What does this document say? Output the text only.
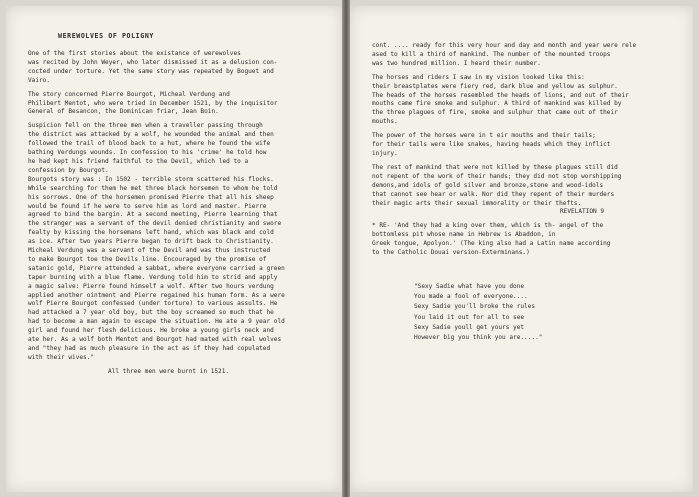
WEREWOLVES OF POLIGNY
One of the first stories about the existance of werewolves
was recited by John Weyer, who later dismissed it as a delusion con-
cocted under torture. Yet the same story was repeated by Boguet and
Vairo.
The story concerned Pierre Bourgot, Micheal Verdung and
Philibert Mentot, who were tried in December 1521, by the inquisitor
General of Besancon, the Dominican friar, Jean Boin.
Suspicion fell on the three men when a traveller passing through
the district was attacked by a wolf, he wounded the animal and then
followed the trail of blood back to a hut, where he found the wife
bathing Verdungs wounds. In confession to his 'crime' he told how
he had kept his friend faithful to the Devil, which led to a
confession by Bourgot.
Bourgots story was : In 1502 - terrible storm scattered his flocks.
While searching for them he met three black horsemen to whom he told
his sorrows. One of the horsemen promised Pierre that all his sheep
would be found if he were to serve him as lord and master. Pierre
agreed to bind the bargin. At a second meeting, Pierre learning that
the stranger was a servant of the devil denied christianity and swore
fealty by kissing the horsemans left hand, which was black and cold
as ice. After two years Pierre began to drift back to Christianity.
Micheal Verdung was a servant of the Devil and was thus instructed
to make Bourgot toe the Devils line. Encouraged by the promise of
satanic gold, Pierre attended a sabbat, where everyone carried a green
taper burning with a blue flame. Verdung told him to strid and apply
a magic salve: Pierre found himself a wolf. After two hours verdung
applied another ointment and Pierre regained his human form. As a were
wolf Pierre Bourgot confessed (under torture) to various assults. He
had attacked a 7 year old boy, but the boy screamed so much that he
had to become a man again to escape the situation. He ate a 9 year old
girl and found her flesh delicious. He broke a young girls neck and
ate her. As a wolf both Mentot and Bourgot had mated with real wolves
and "they had as much pleasure in the act as if they had copulated
with their wives."
All three men were burnt in 1521.
cont. .... ready for this very hour and day and month and year were rele
ased to kill a third of mankind. The number of the mounted troops
was two hundred million. I heard their number.
The horses and riders I saw in my vision looked like this:
their breastplates were fiery red, dark blue and yellow as sulphur.
The heads of the horses resembled the heads of lions, and out of their
mouths came fire smoke and sulphur. A third of mankind was killed by
the three plagues of fire, smoke and sulphur that came out of their
mouths.
The power of the horses were in t eir mouths and their tails;
for their tails were like snakes, having heads which they inflict
injury.
The rest of mankind that were not killed by these plagues still did
not repent of the work of their hands; they did not stop worshipping
demons,and idols of gold silver and bronze,stone and wood-idols
that cannot see hear or walk. Nor did they repent of their murders
their magic arts their sexual immorality or their thefts.
REVELATION 9
* RE- 'And they had a king over them, which is th- angel of the
bottomless pit whose name in Hebrew is Abaddon, in
Greek tongue, Apolyon.' (The king also had a Latin name according
to the Catholic Douai version-Exterminans.)
"Sexy Sadie what have you done
You made a fool of everyone....
Sexy Sadie you'll broke the rules
You laid it out for all to see
Sexy Sadie youll get yours yet
However big you think you are....."
